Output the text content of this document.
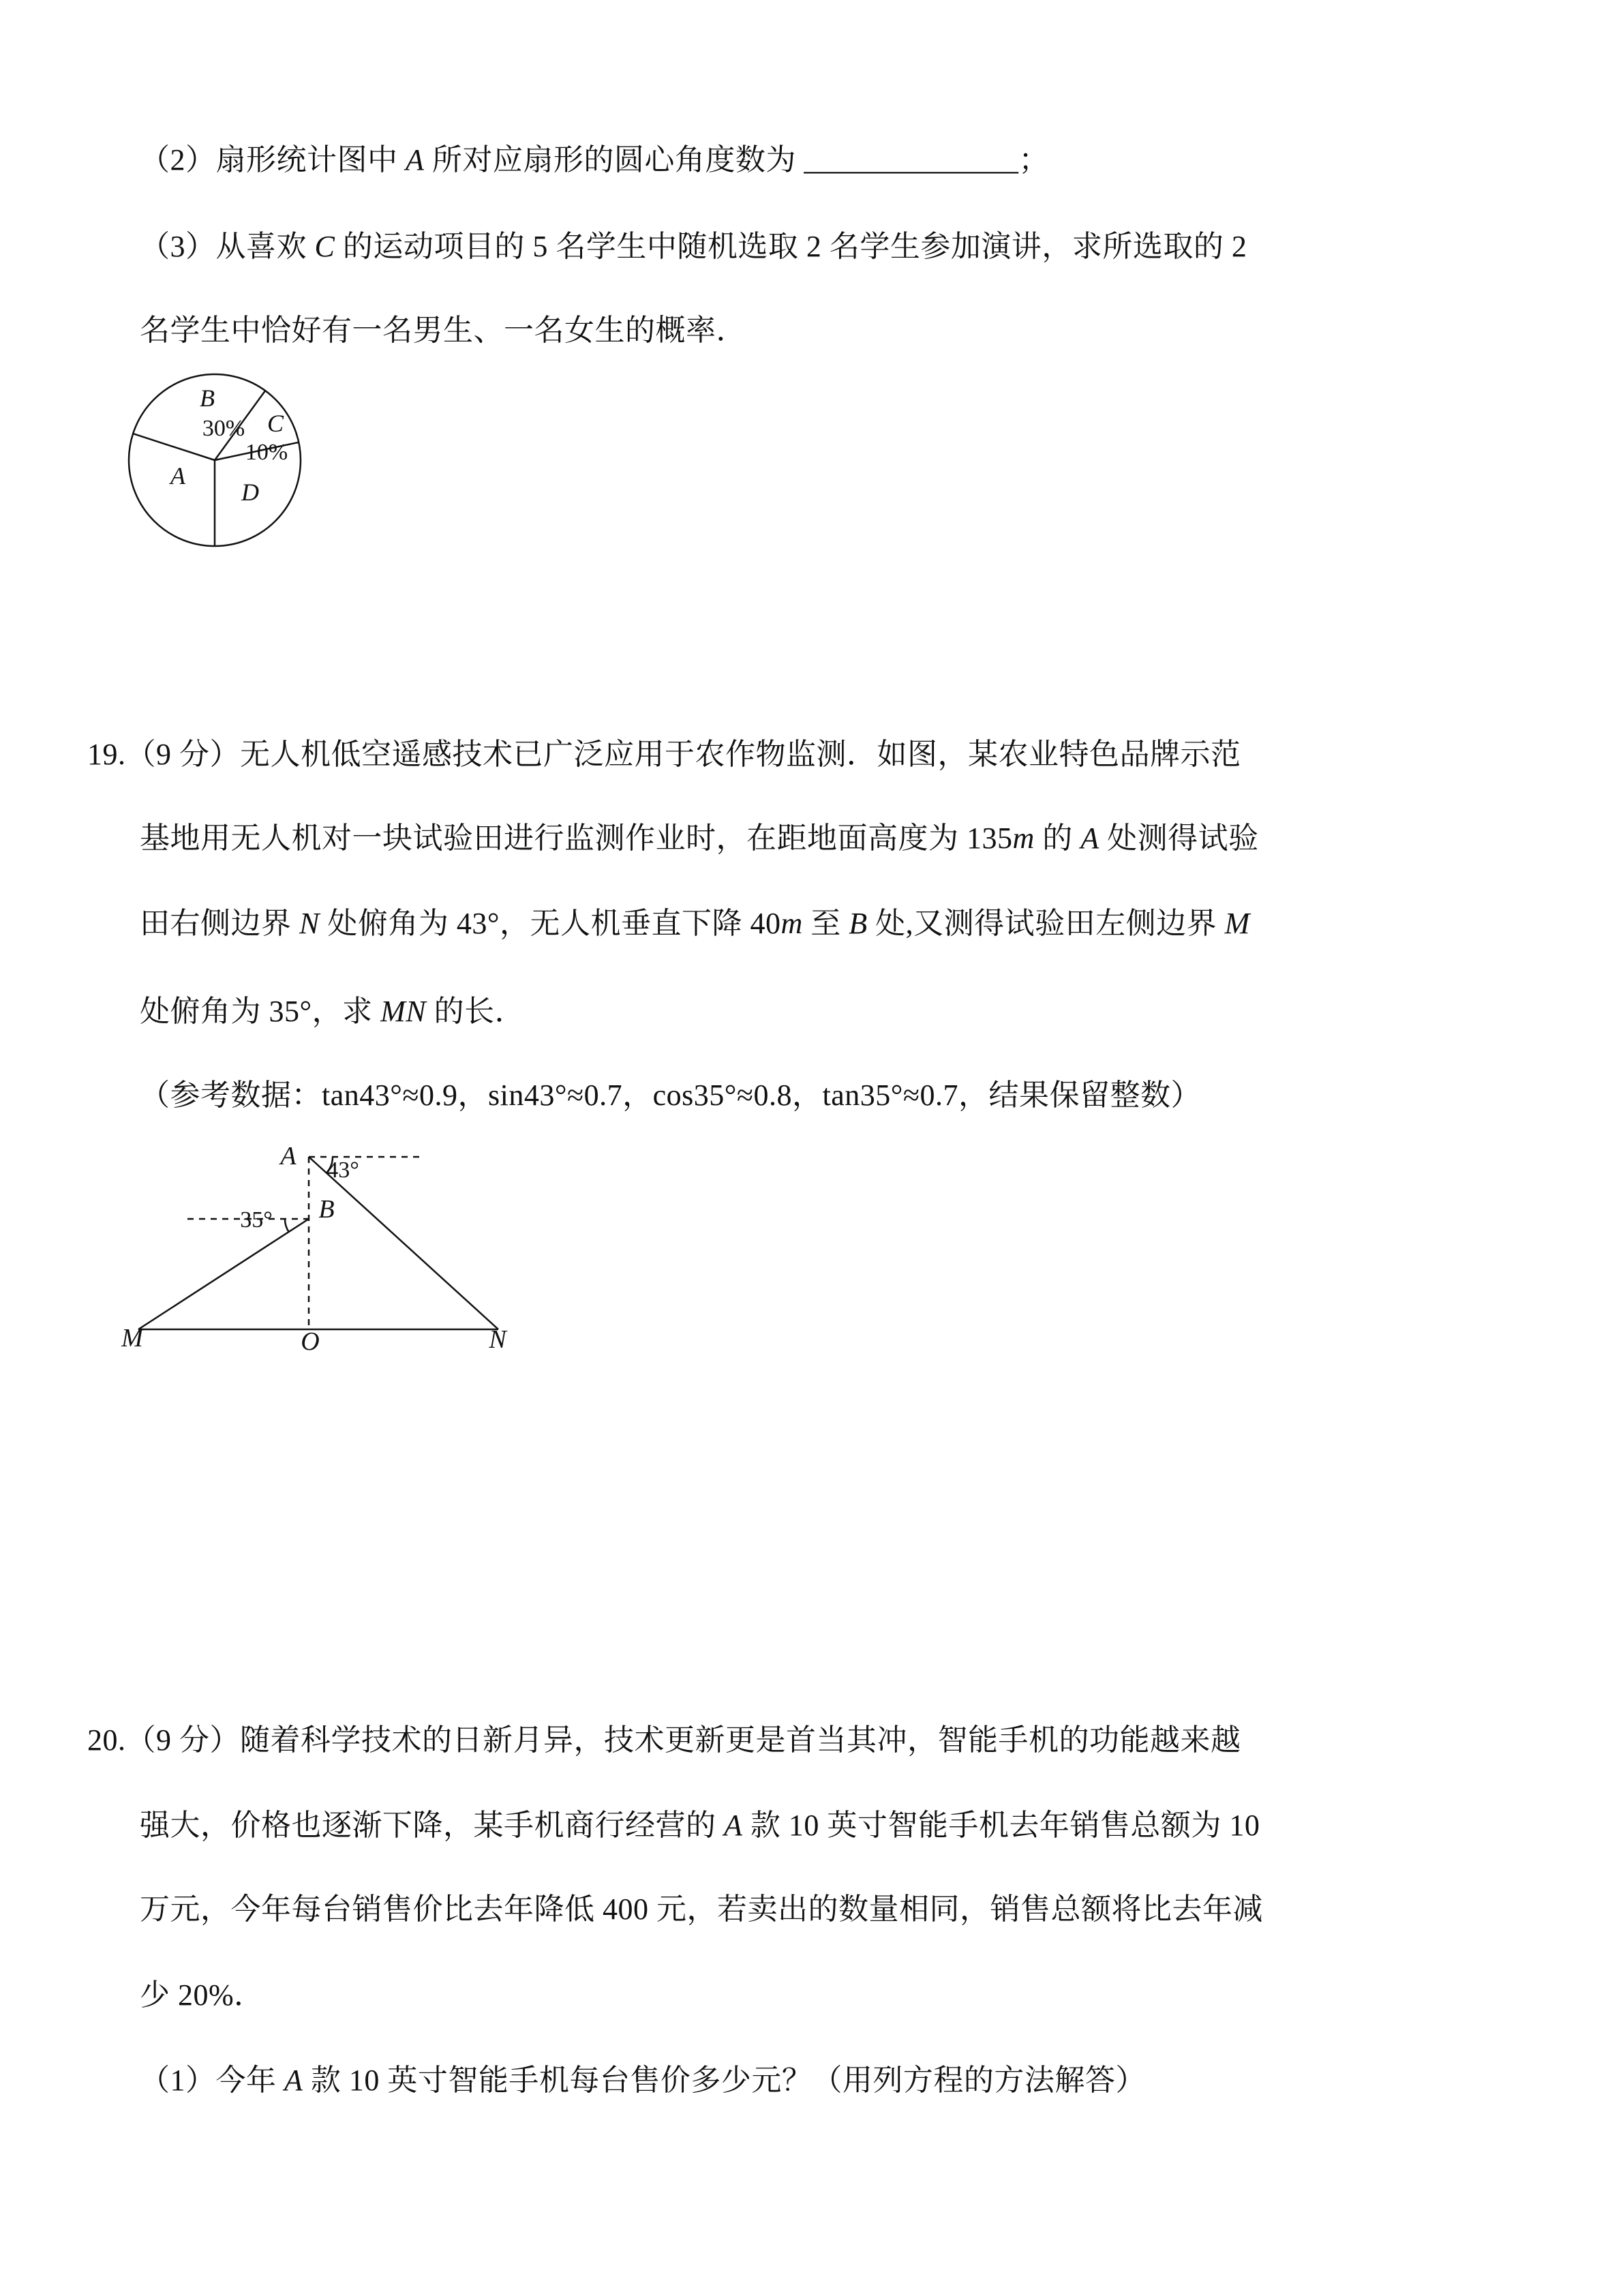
（2）扇形统计图中 A 所对应扇形的圆心角度数为 ______________；
（3）从喜欢 C 的运动项目的 5 名学生中随机选取 2 名学生参加演讲，求所选取的 2
名学生中恰好有一名男生、一名女生的概率．
B
30% C
10%
A
D
19.（9 分）无人机低空遥感技术已广泛应用于农作物监测．如图，某农业特色品牌示范
基地用无人机对一块试验田进行监测作业时，在距地面高度为 135m 的 A 处测得试验
田右侧边界 N 处俯角为 43°，无人机垂直下降 40m 至 B 处,又测得试验田左侧边界 M
处俯角为 35°，求 MN 的长．
（参考数据：tan43°≈0.9，sin43°≈0.7，cos35°≈0.8，tan35°≈0.7，结果保留整数）
A 43°
B
35°
M	O	N
20.（9 分）随着科学技术的日新月异，技术更新更是首当其冲，智能手机的功能越来越
强大，价格也逐渐下降，某手机商行经营的 A 款 10 英寸智能手机去年销售总额为 10
万元，今年每台销售价比去年降低 400 元，若卖出的数量相同，销售总额将比去年减
少 20%．
（1）今年 A 款 10 英寸智能手机每台售价多少元？（用列方程的方法解答）
